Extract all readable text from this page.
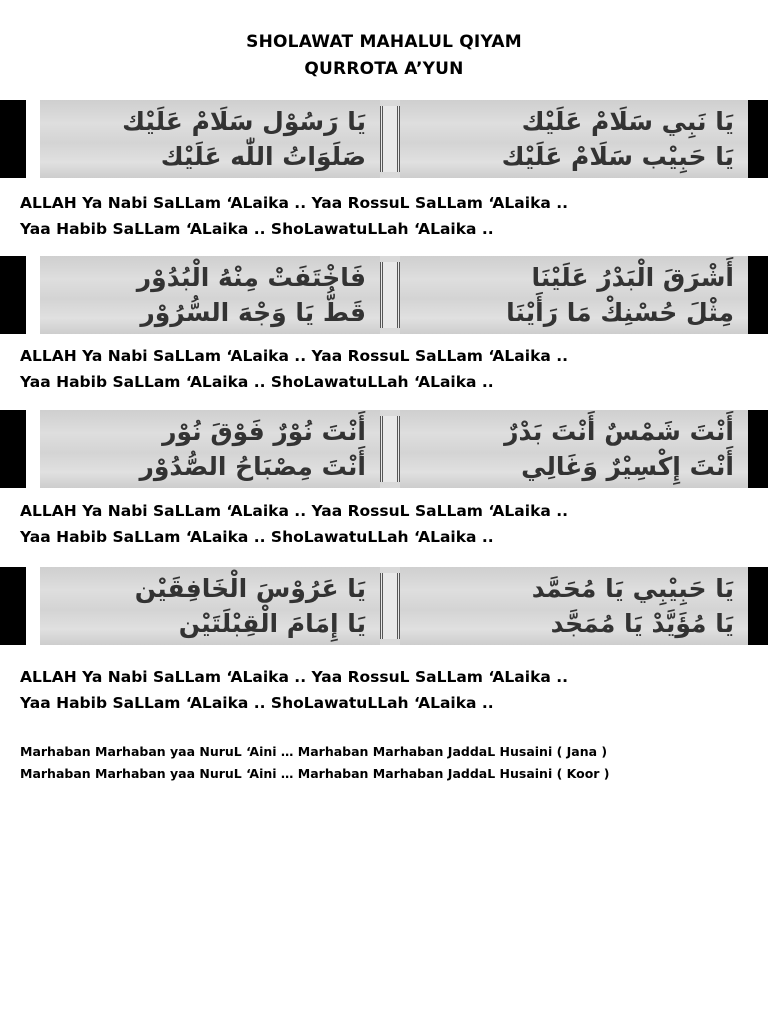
SHOLAWAT MAHALUL QIYAM
QURROTA A’YUN
يَا رَسُوْل سَلَامْ عَلَيْك
صَلَوَاتُ اللّٰه عَلَيْك
يَا نَبِي سَلَامْ عَلَيْك
يَا حَبِيْب سَلَامْ عَلَيْك
ALLAH Ya Nabi SaLLam ‘ALaika .. Yaa RossuL SaLLam ‘ALaika ..
Yaa Habib SaLLam ‘ALaika .. ShoLawatuLLah ‘ALaika ..
فَاخْتَفَتْ مِنْهُ الْبُدُوْر
قَطُّ يَا وَجْهَ السُّرُوْر
أَشْرَقَ الْبَدْرُ عَلَيْنَا
مِثْلَ حُسْنِكْ مَا رَأَيْنَا
ALLAH Ya Nabi SaLLam ‘ALaika .. Yaa RossuL SaLLam ‘ALaika ..
Yaa Habib SaLLam ‘ALaika .. ShoLawatuLLah ‘ALaika ..
أَنْتَ نُوْرٌ فَوْقَ نُوْر
أَنْتَ مِصْبَاحُ الصُّدُوْر
أَنْتَ شَمْسٌ أَنْتَ بَدْرٌ
أَنْتَ إِكْسِيْرٌ وَغَالِي
ALLAH Ya Nabi SaLLam ‘ALaika .. Yaa RossuL SaLLam ‘ALaika ..
Yaa Habib SaLLam ‘ALaika .. ShoLawatuLLah ‘ALaika ..
يَا عَرُوْسَ الْخَافِقَيْن
يَا إِمَامَ الْقِبْلَتَيْن
يَا حَبِيْبِي يَا مُحَمَّد
يَا مُؤَيَّدْ يَا مُمَجَّد
ALLAH Ya Nabi SaLLam ‘ALaika .. Yaa RossuL SaLLam ‘ALaika ..
Yaa Habib SaLLam ‘ALaika .. ShoLawatuLLah ‘ALaika ..
Marhaban Marhaban yaa NuruL ‘Aini … Marhaban Marhaban JaddaL Husaini ( Jana )
Marhaban Marhaban yaa NuruL ‘Aini … Marhaban Marhaban JaddaL Husaini ( Koor )
